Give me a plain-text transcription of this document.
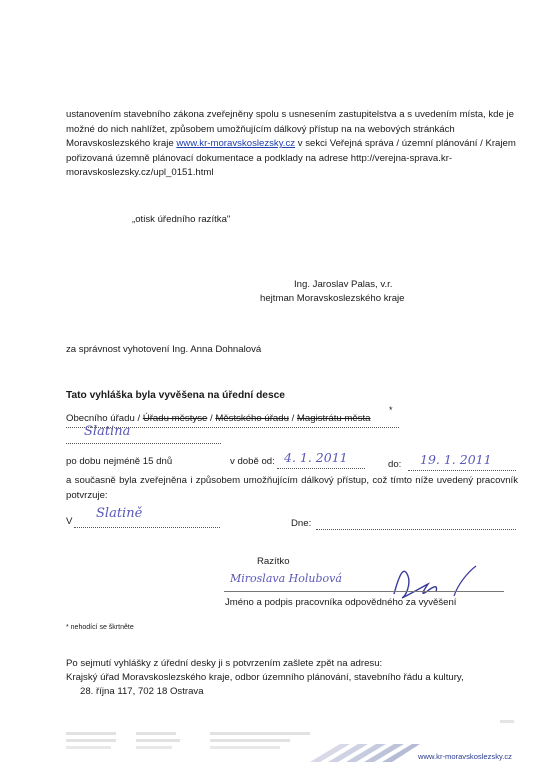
ustanovením stavebního zákona zveřejněny spolu s usnesením zastupitelstva a s uvedením místa, kde je možné do nich nahlížet, způsobem umožňujícím dálkový přístup na na webových stránkách Moravskoslezského kraje www.kr-moravskoslezsky.cz v sekci Veřejná správa / územní plánování / Krajem pořizovaná územně plánovací dokumentace a podklady na adrese http://verejna-sprava.kr-moravskoslezsky.cz/upl_0151.html
„otisk úředního razítka"
Ing. Jaroslav Palas, v.r.
hejtman Moravskoslezského kraje
za správnost vyhotovení Ing. Anna Dohnalová
Tato vyhláška byla vyvěšena na úřední desce
Obecního úřadu / Úřadu městyse / Městského úřadu / Magistrátu města
*
Slatina
po dobu nejméně 15 dnů	v době od: 4. 1. 2011	do: 19. 1. 2011
a současně byla zveřejněna i způsobem umožňujícím dálkový přístup, což tímto níže uvedený pracovník potvrzuje:
V
Slatině
Dne:
Razítko
Miroslava Holubová
Jméno a podpis pracovníka odpovědného za vyvěšení
* nehodící se škrtněte
Po sejmutí vyhlášky z úřední desky ji s potvrzením zašlete zpět na adresu:
Krajský úřad Moravskoslezského kraje, odbor územního plánování, stavebního řádu a kultury,
28. října 117, 702 18 Ostrava
www.kr-moravskoslezsky.cz
